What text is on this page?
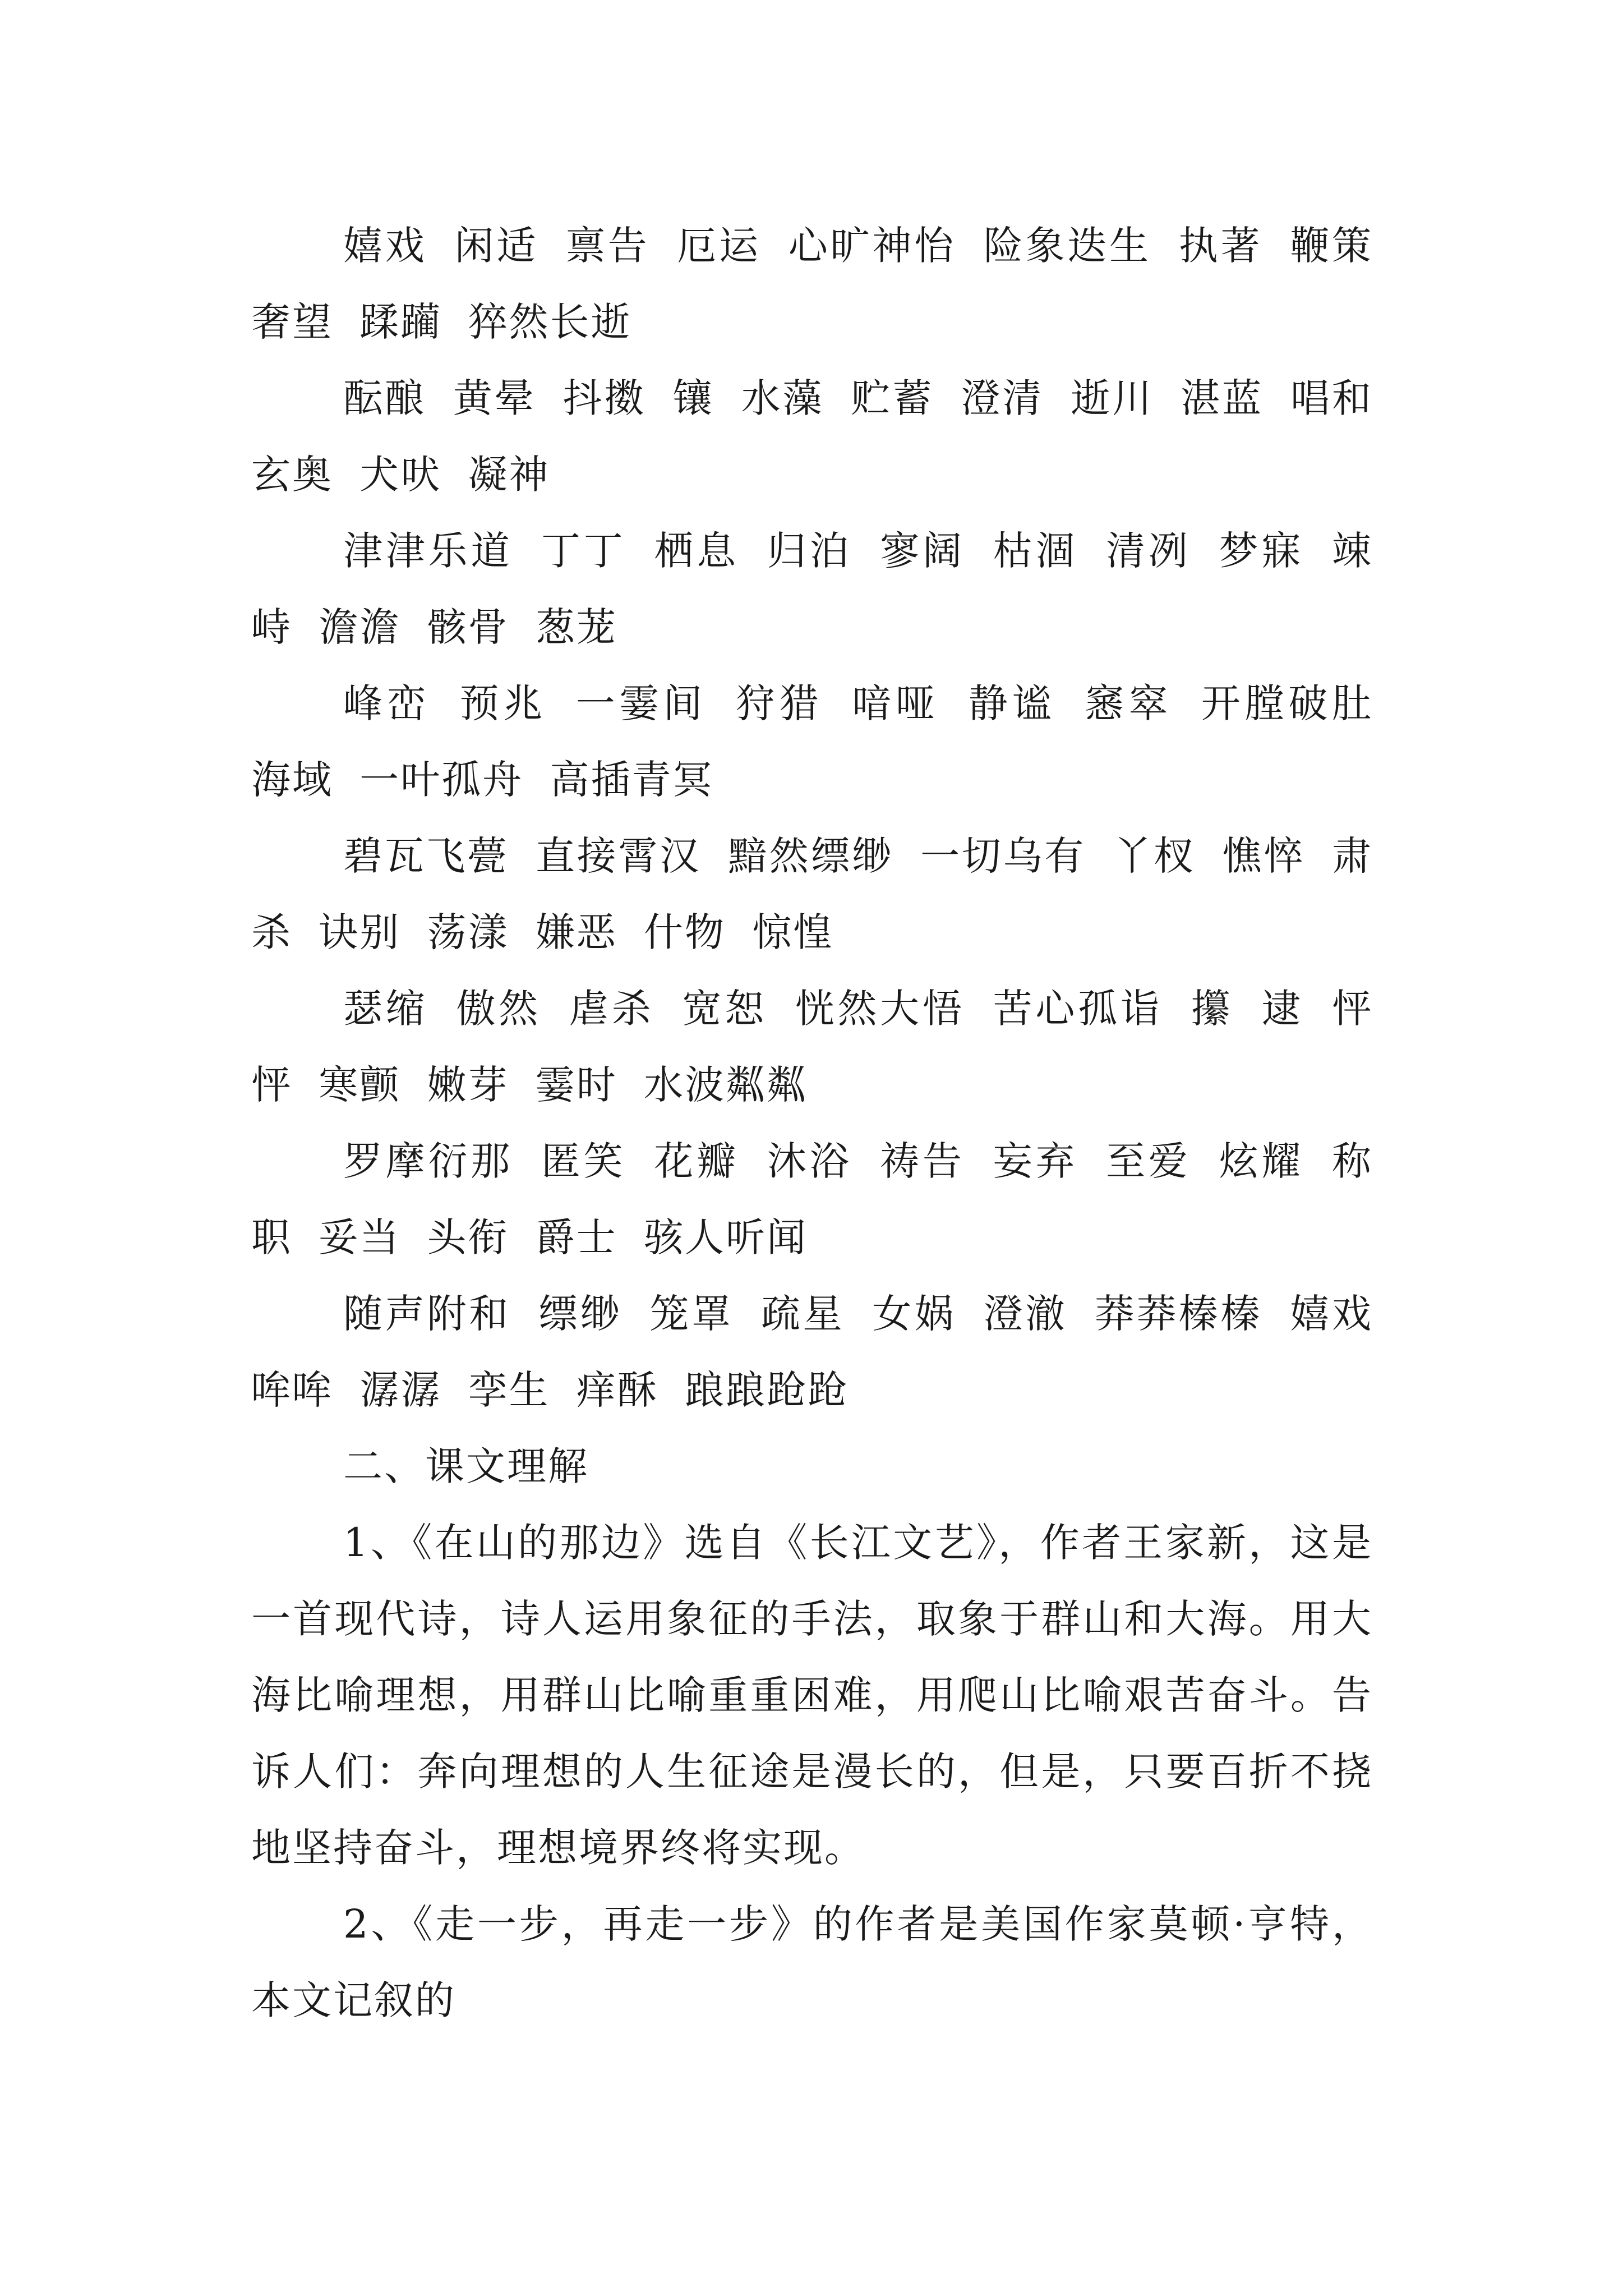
嬉戏 闲适 禀告 厄运 心旷神怡 险象迭生 执著 鞭策 奢望 蹂躏 猝然长逝

酝酿 黄晕 抖擞 镶 水藻 贮蓄 澄清 逝川 湛蓝 唱和 玄奥 犬吠 凝神

津津乐道 丁丁 栖息 归泊 寥阔 枯涸 清冽 梦寐 竦峙 澹澹 骸骨 葱茏

峰峦 预兆 一霎间 狩猎 喑哑 静谧 窸窣 开膛破肚 海域 一叶孤舟 高插青冥

碧瓦飞甍 直接霄汉 黯然缥缈 一切乌有 丫杈 憔悴 肃杀 诀别 荡漾 嫌恶 什物 惊惶

瑟缩 傲然 虐杀 宽恕 恍然大悟 苦心孤诣 攥 逮 怦怦 寒颤 嫩芽 霎时 水波粼粼

罗摩衍那 匿笑 花瓣 沐浴 祷告 妄弃 至爱 炫耀 称职 妥当 头衔 爵士 骇人听闻

随声附和 缥缈 笼罩 疏星 女娲 澄澈 莽莽榛榛 嬉戏 哞哞 潺潺 孪生 痒酥 踉踉跄跄

二、课文理解

1、《在山的那边》选自《长江文艺》，作者王家新，这是一首现代诗，诗人运用象征的手法，取象于群山和大海。用大海比喻理想，用群山比喻重重困难，用爬山比喻艰苦奋斗。告诉人们：奔向理想的人生征途是漫长的，但是，只要百折不挠地坚持奋斗，理想境界终将实现。

2、《走一步，再走一步》的作者是美国作家莫顿·亨特，本文记叙的
